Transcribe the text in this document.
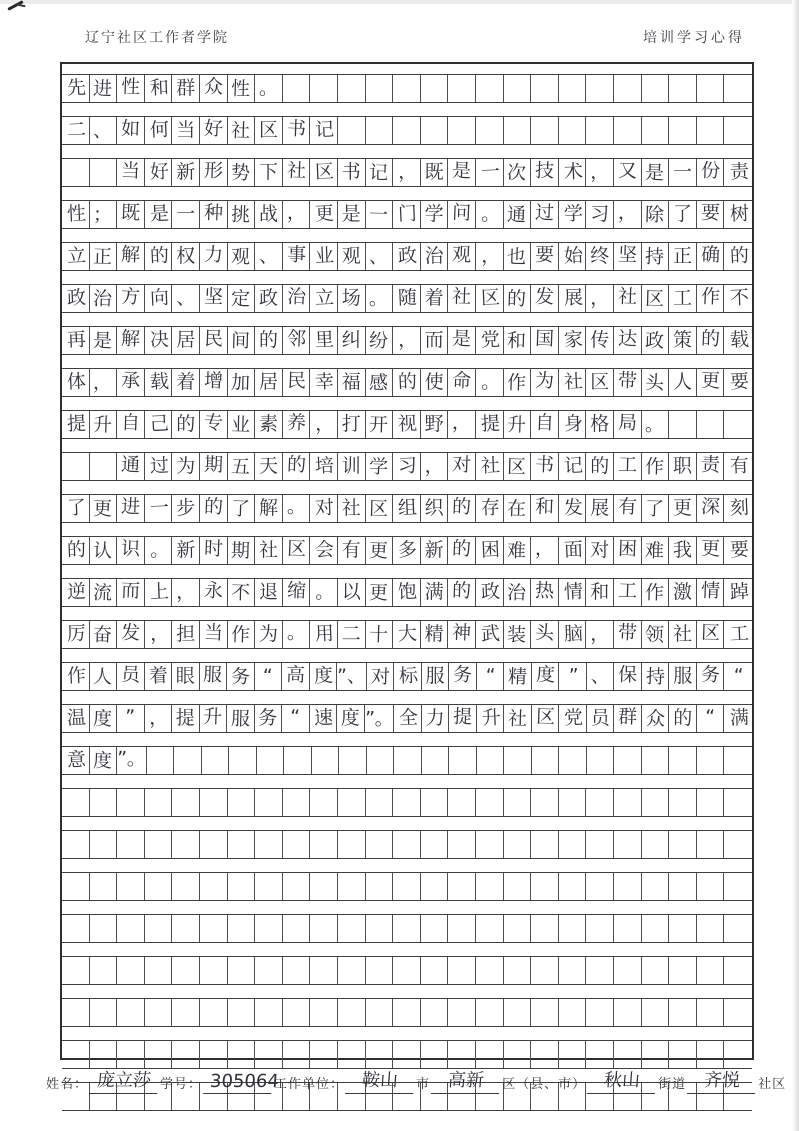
辽宁社区工作者学院	培训学习心得
先 进 性 和 群 众 性 。
二 、 如 何 当 好 社 区 书 记
当 好 新 形 势 下 社 区 书 记 ， 既 是 一 次 技 术 ， 又 是 一 份 责
性 ； 既 是 一 种 挑 战 ， 更 是 一 门 学 问 。 通 过 学 习 ， 除 了 要 树
立 正 解 的 权 力 观 、 事 业 观 、 政 治 观 ， 也 要 始 终 坚 持 正 确 的
政 治 方 向 、 坚 定 政 治 立 场 。 随 着 社 区 的 发 展 ， 社 区 工 作 不
再 是 解 决 居 民 间 的 邻 里 纠 纷 ， 而 是 党 和 国 家 传 达 政 策 的 载
体 ， 承 载 着 增 加 居 民 幸 福 感 的 使 命 。 作 为 社 区 带 头 人 更 要
提 升 自 己 的 专 业 素 养 ， 打 开 视 野 ， 提 升 自 身 格 局 。
通 过 为 期 五 天 的 培 训 学 习 ， 对 社 区 书 记 的 工 作 职 责 有
了 更 进 一 步 的 了 解 。 对 社 区 组 织 的 存 在 和 发 展 有 了 更 深 刻
的 认 识 。 新 时 期 社 区 会 有 更 多 新 的 困 难 ， 面 对 困 难 我 更 要
逆 流 而 上 ， 永 不 退 缩 。 以 更 饱 满 的 政 治 热 情 和 工 作 激 情 踔
厉 奋 发 ， 担 当 作 为 。 用 二 十 大 精 神 武 装 头 脑 ， 带 领 社 区 工
作 人 员 着 眼 服 务 “ 高 度 ”、 对 标 服 务 “ 精 度 ” 、 保 持 服 务 “
温 度 ” ， 提 升 服 务 “ 速 度 ”。 全 力 提 升 社 区 党 员 群 众 的 “ 满
意 度 ”。
姓名： 庞立莎 学号： 305064
工作单位： 鞍山	市 高新	区（县、市） 秋山	街道 齐悦	社区
